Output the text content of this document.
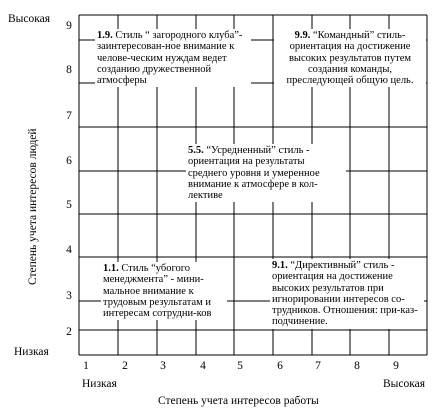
Высокая
Низкая
Низкая	Высокая
9
8
7
6
5
4
3
2
1	2	3	4	5	6	7	8	9
Степень учета интересов людей
Степень учета интересов работы
1.9. Стиль “ загородного клуба”- заинтересован-ное внимание к челове-ческим нуждам ведет созданию дружественной атмосферы
9.9. “Командный” стиль- ориентация на достижение высоких результатов путем создания команды, преследующей общую цель.
5.5. “Усредненный” стиль - ориентация на результаты среднего уровня и умеренное внимание к атмосфере в кол-лективе
1.1. Стиль “убогого менеджмента” - мини-мальное внимание к трудовым результатам и интересам сотрудни-ков
9.1. “Директивный” стиль - ориентация на достижение высоких результатов при игнорировании интересов со-трудников. Отношения: при-каз-подчинение.
